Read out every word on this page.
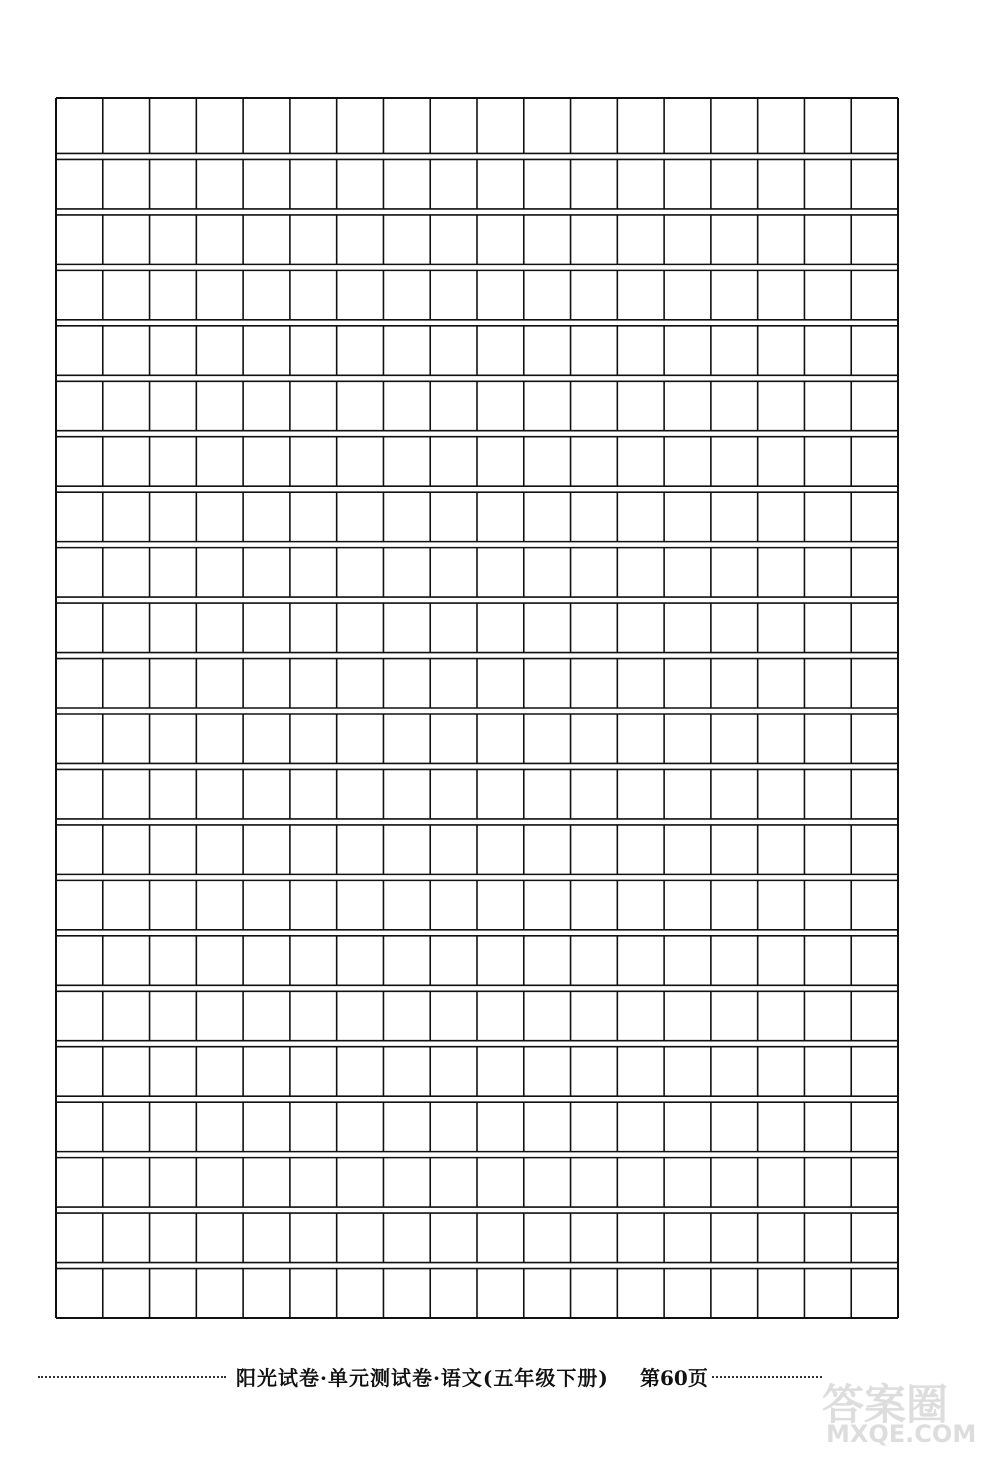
阳光试卷·单元测试卷·语文(五年级下册) 第60页
答案圈
MXQE.COM
